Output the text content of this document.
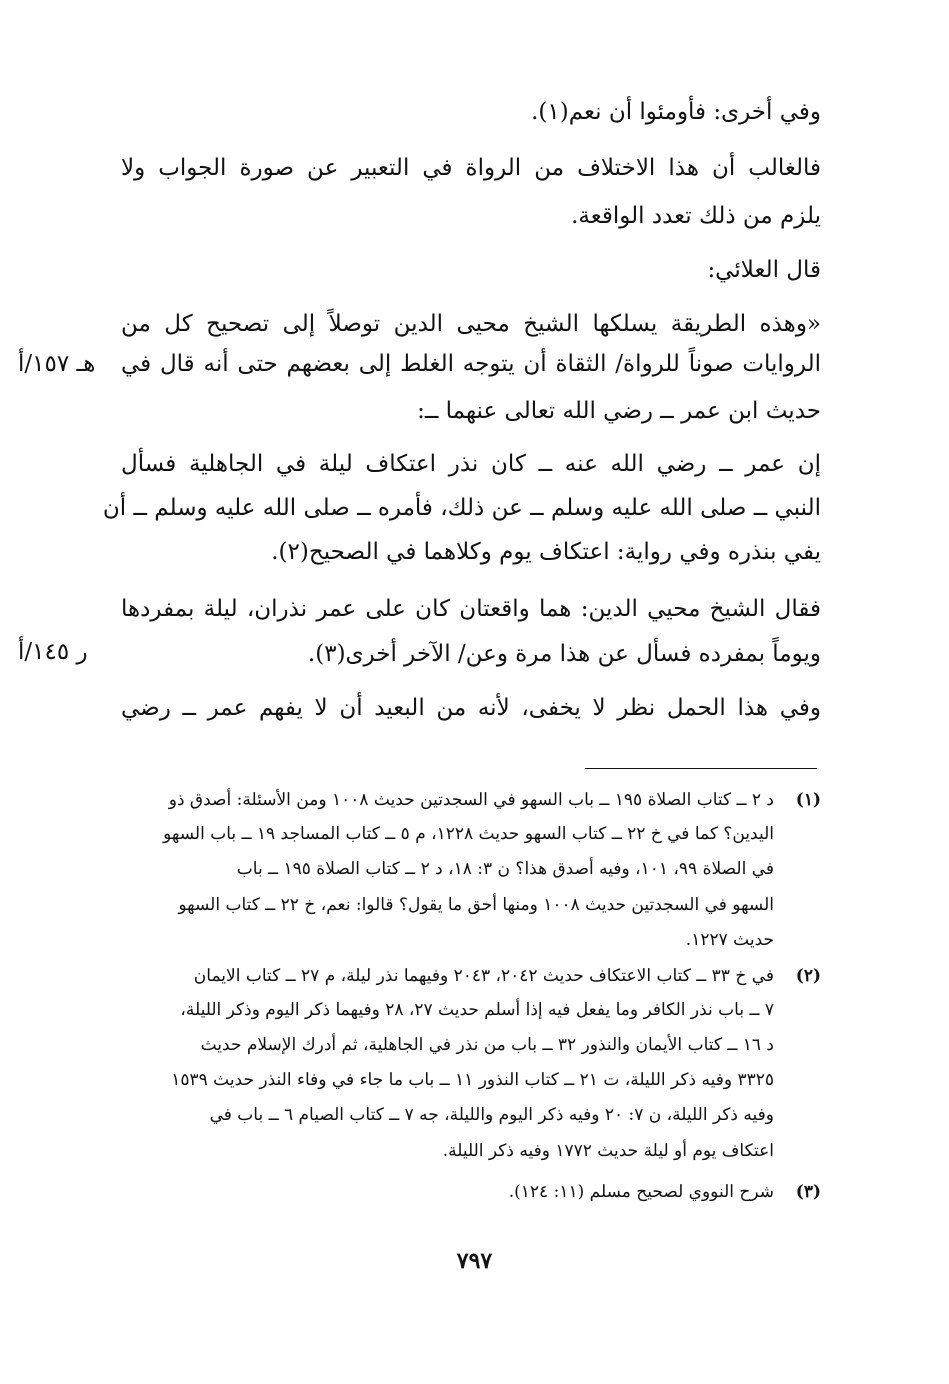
وفي أخرى: فأومئوا أن نعم(١).
فالغالب أن هذا الاختلاف من الرواة في التعبير عن صورة الجواب ولا
يلزم من ذلك تعدد الواقعة.
قال العلائي:
«وهذه الطريقة يسلكها الشيخ محيى الدين توصلاً إلى تصحيح كل من
الروايات صوناً للرواة/ الثقاة أن يتوجه الغلط إلى بعضهم حتى أنه قال في
حديث ابن عمر ــ رضي الله تعالى عنهما ــ:
إن عمر ــ رضي الله عنه ــ كان نذر اعتكاف ليلة في الجاهلية فسأل
النبي ــ صلى الله عليه وسلم ــ عن ذلك، فأمره ــ صلى الله عليه وسلم ــ أن
يفي بنذره وفي رواية: اعتكاف يوم وكلاهما في الصحيح(٢).
فقال الشيخ محيي الدين: هما واقعتان كان على عمر نذران، ليلة بمفردها
ويوماً بمفرده فسأل عن هذا مرة وعن/ الآخر أخرى(٣).
وفي هذا الحمل نظر لا يخفى، لأنه من البعيد أن لا يفهم عمر ــ رضي
هـ ١٥٧/أ
ر ١٤٥/أ
(١)
د ٢ ــ كتاب الصلاة ١٩٥ ــ باب السهو في السجدتين حديث ١٠٠٨ ومن الأسئلة: أصدق ذو
اليدين؟ كما في خ ٢٢ ــ كتاب السهو حديث ١٢٢٨، م ٥ ــ كتاب المساجد ١٩ ــ باب السهو
في الصلاة ٩٩، ١٠١، وفيه أصدق هذا؟ ن ٣: ١٨، د ٢ ــ كتاب الصلاة ١٩٥ ــ باب
السهو في السجدتين حديث ١٠٠٨ ومنها أحق ما يقول؟ قالوا: نعم، خ ٢٢ ــ كتاب السهو
حديث ١٢٢٧.
(٢)
في خ ٣٣ ــ كتاب الاعتكاف حديث ٢٠٤٢، ٢٠٤٣ وفيهما نذر ليلة، م ٢٧ ــ كتاب الايمان
٧ ــ باب نذر الكافر وما يفعل فيه إذا أسلم حديث ٢٧، ٢٨ وفيهما ذكر اليوم وذكر الليلة،
د ١٦ ــ كتاب الأيمان والنذور ٣٢ ــ باب من نذر في الجاهلية، ثم أدرك الإسلام حديث
٣٣٢٥ وفيه ذكر الليلة، ت ٢١ ــ كتاب النذور ١١ ــ باب ما جاء في وفاء النذر حديث ١٥٣٩
وفيه ذكر الليلة، ن ٧: ٢٠ وفيه ذكر اليوم والليلة، جه ٧ ــ كتاب الصيام ٦ ــ باب في
اعتكاف يوم أو ليلة حديث ١٧٧٢ وفيه ذكر الليلة.
(٣)
شرح النووي لصحيح مسلم (١١: ١٢٤).
٧٩٧
